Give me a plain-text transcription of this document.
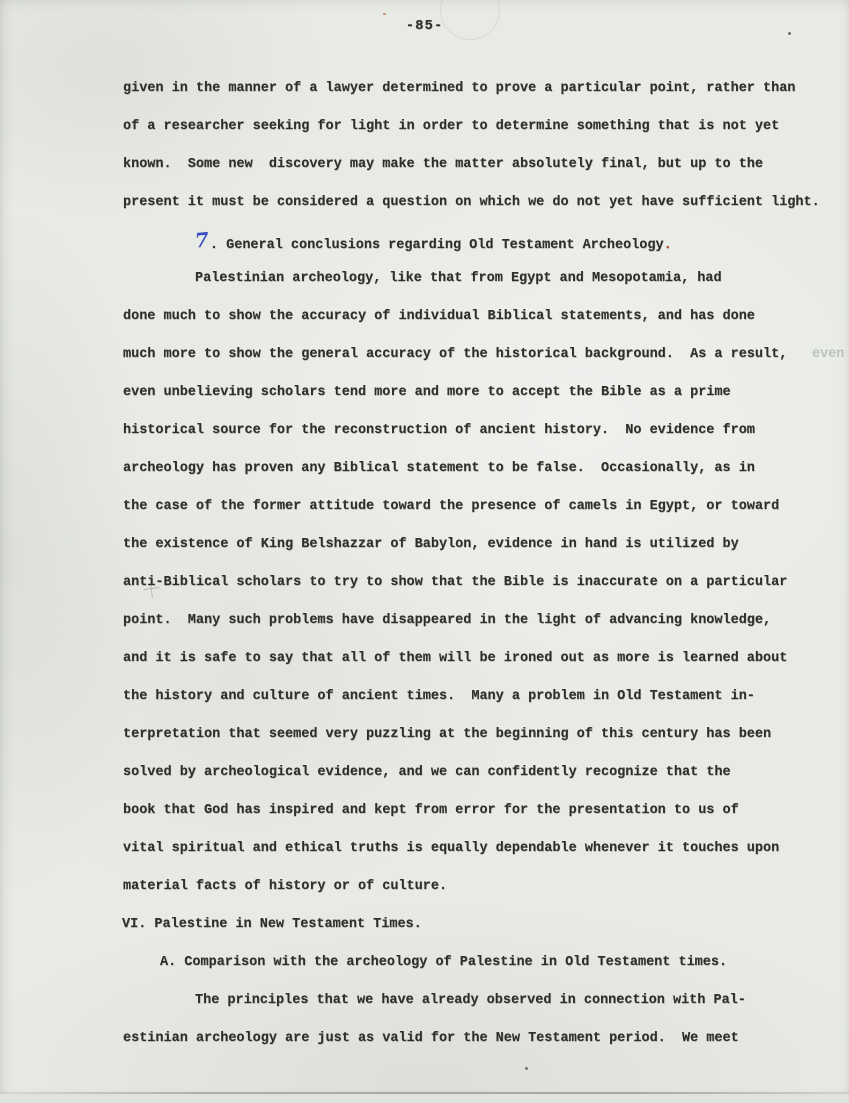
-85-
given in the manner of a lawyer determined to prove a particular point, rather than
of a researcher seeking for light in order to determine something that is not yet
known.  Some new  discovery may make the matter absolutely final, but up to the
present it must be considered a question on which we do not yet have sufficient light.
7. General conclusions regarding Old Testament Archeology.
Palestinian archeology, like that from Egypt and Mesopotamia, had
done much to show the accuracy of individual Biblical statements, and has done
much more to show the general accuracy of the historical background.  As a result,
even unbelieving scholars tend more and more to accept the Bible as a prime
historical source for the reconstruction of ancient history.  No evidence from
archeology has proven any Biblical statement to be false.  Occasionally, as in
the case of the former attitude toward the presence of camels in Egypt, or toward
the existence of King Belshazzar of Babylon, evidence in hand is utilized by
anti-Biblical scholars to try to show that the Bible is inaccurate on a particular
point.  Many such problems have disappeared in the light of advancing knowledge,
and it is safe to say that all of them will be ironed out as more is learned about
the history and culture of ancient times.  Many a problem in Old Testament in-
terpretation that seemed very puzzling at the beginning of this century has been
solved by archeological evidence, and we can confidently recognize that the
book that God has inspired and kept from error for the presentation to us of
vital spiritual and ethical truths is equally dependable whenever it touches upon
material facts of history or of culture.
VI. Palestine in New Testament Times.
A. Comparison with the archeology of Palestine in Old Testament times.
The principles that we have already observed in connection with Pal-
estinian archeology are just as valid for the New Testament period.  We meet
even
